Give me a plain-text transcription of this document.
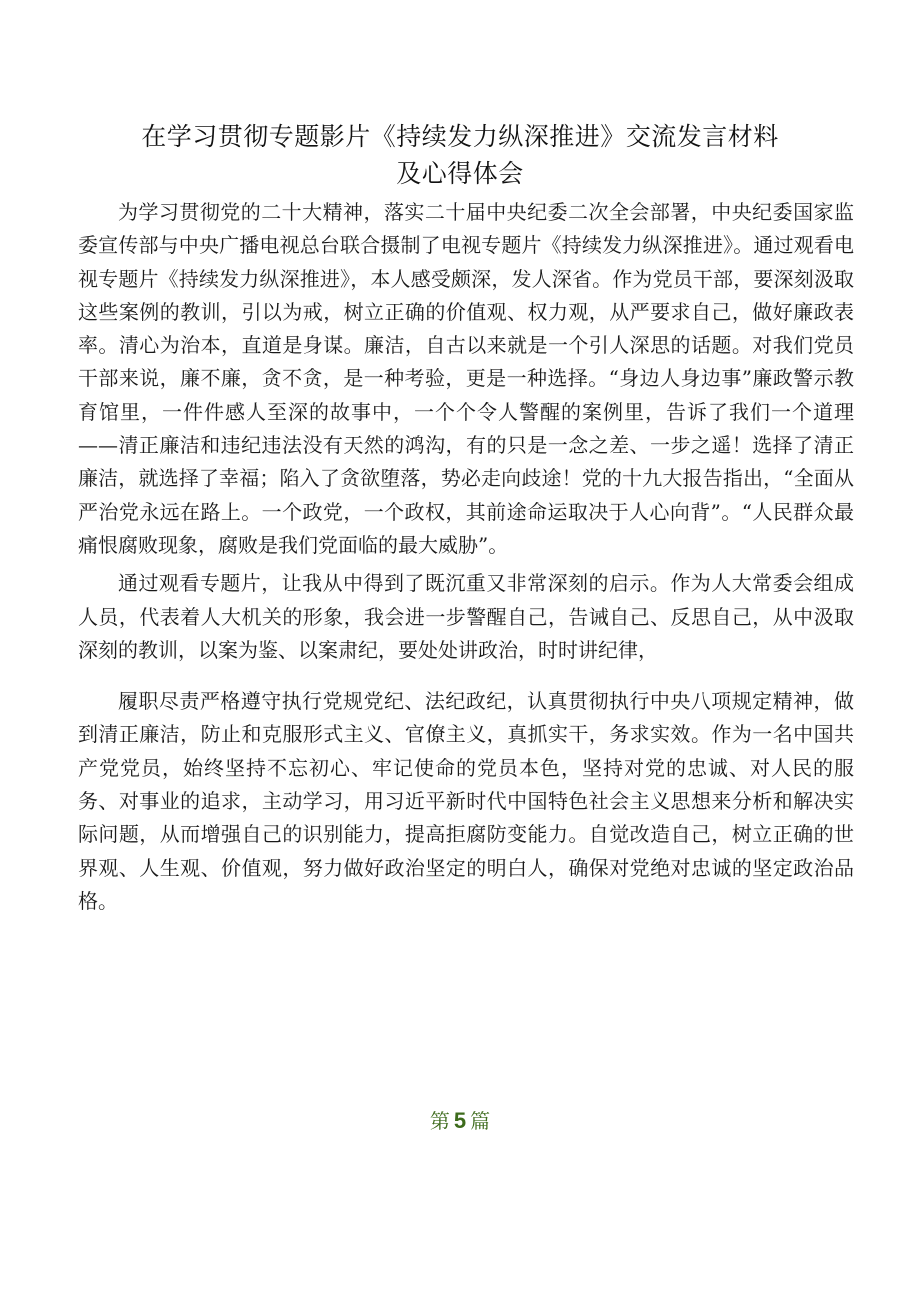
在学习贯彻专题影片《持续发力纵深推进》交流发言材料
及心得体会

为学习贯彻党的二十大精神，落实二十届中央纪委二次全会部署，中央纪委国家监委宣传部与中央广播电视总台联合摄制了电视专题片《持续发力纵深推进》。通过观看电视专题片《持续发力纵深推进》，本人感受颇深，发人深省。作为党员干部，要深刻汲取这些案例的教训，引以为戒，树立正确的价值观、权力观，从严要求自己，做好廉政表率。清心为治本，直道是身谋。廉洁，自古以来就是一个引人深思的话题。对我们党员干部来说，廉不廉，贪不贪，是一种考验，更是一种选择。“身边人身边事”廉政警示教育馆里，一件件感人至深的故事中，一个个令人警醒的案例里，告诉了我们一个道理——清正廉洁和违纪违法没有天然的鸿沟，有的只是一念之差、一步之遥！选择了清正廉洁，就选择了幸福；陷入了贪欲堕落，势必走向歧途！党的十九大报告指出，“全面从严治党永远在路上。一个政党，一个政权，其前途命运取决于人心向背”。“人民群众最痛恨腐败现象，腐败是我们党面临的最大威胁”。

通过观看专题片，让我从中得到了既沉重又非常深刻的启示。作为人大常委会组成人员，代表着人大机关的形象，我会进一步警醒自己，告诫自己、反思自己，从中汲取深刻的教训，以案为鉴、以案肃纪，要处处讲政治，时时讲纪律，

履职尽责严格遵守执行党规党纪、法纪政纪，认真贯彻执行中央八项规定精神，做到清正廉洁，防止和克服形式主义、官僚主义，真抓实干，务求实效。作为一名中国共产党党员，始终坚持不忘初心、牢记使命的党员本色，坚持对党的忠诚、对人民的服务、对事业的追求，主动学习，用习近平新时代中国特色社会主义思想来分析和解决实际问题，从而增强自己的识别能力，提高拒腐防变能力。自觉改造自己，树立正确的世界观、人生观、价值观，努力做好政治坚定的明白人，确保对党绝对忠诚的坚定政治品格。

第 5 篇
